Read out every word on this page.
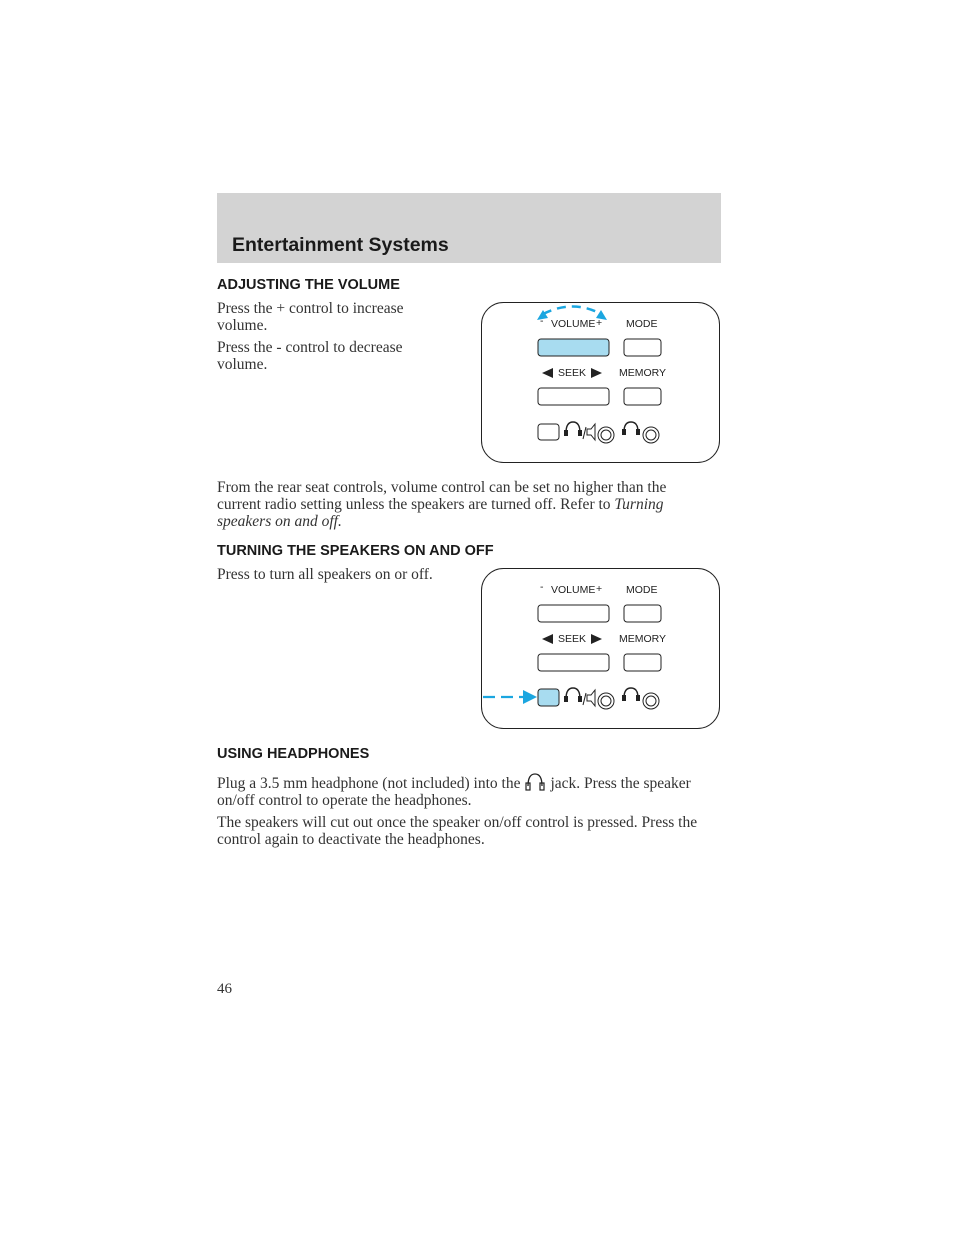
Entertainment Systems
ADJUSTING THE VOLUME

Press the + control to increase volume.

Press the - control to decrease volume.

- VOLUME + MODE
SEEK	MEMORY

From the rear seat controls, volume control can be set no higher than the current radio setting unless the speakers are turned off. Refer to Turning speakers on and off.

TURNING THE SPEAKERS ON AND OFF

Press to turn all speakers on or off.

- VOLUME + MODE
SEEK	MEMORY
USING HEADPHONES

Plug a 3.5 mm headphone (not included) into the jack. Press the speaker on/off control to operate the headphones.

The speakers will cut out once the speaker on/off control is pressed. Press the control again to deactivate the headphones.

46
